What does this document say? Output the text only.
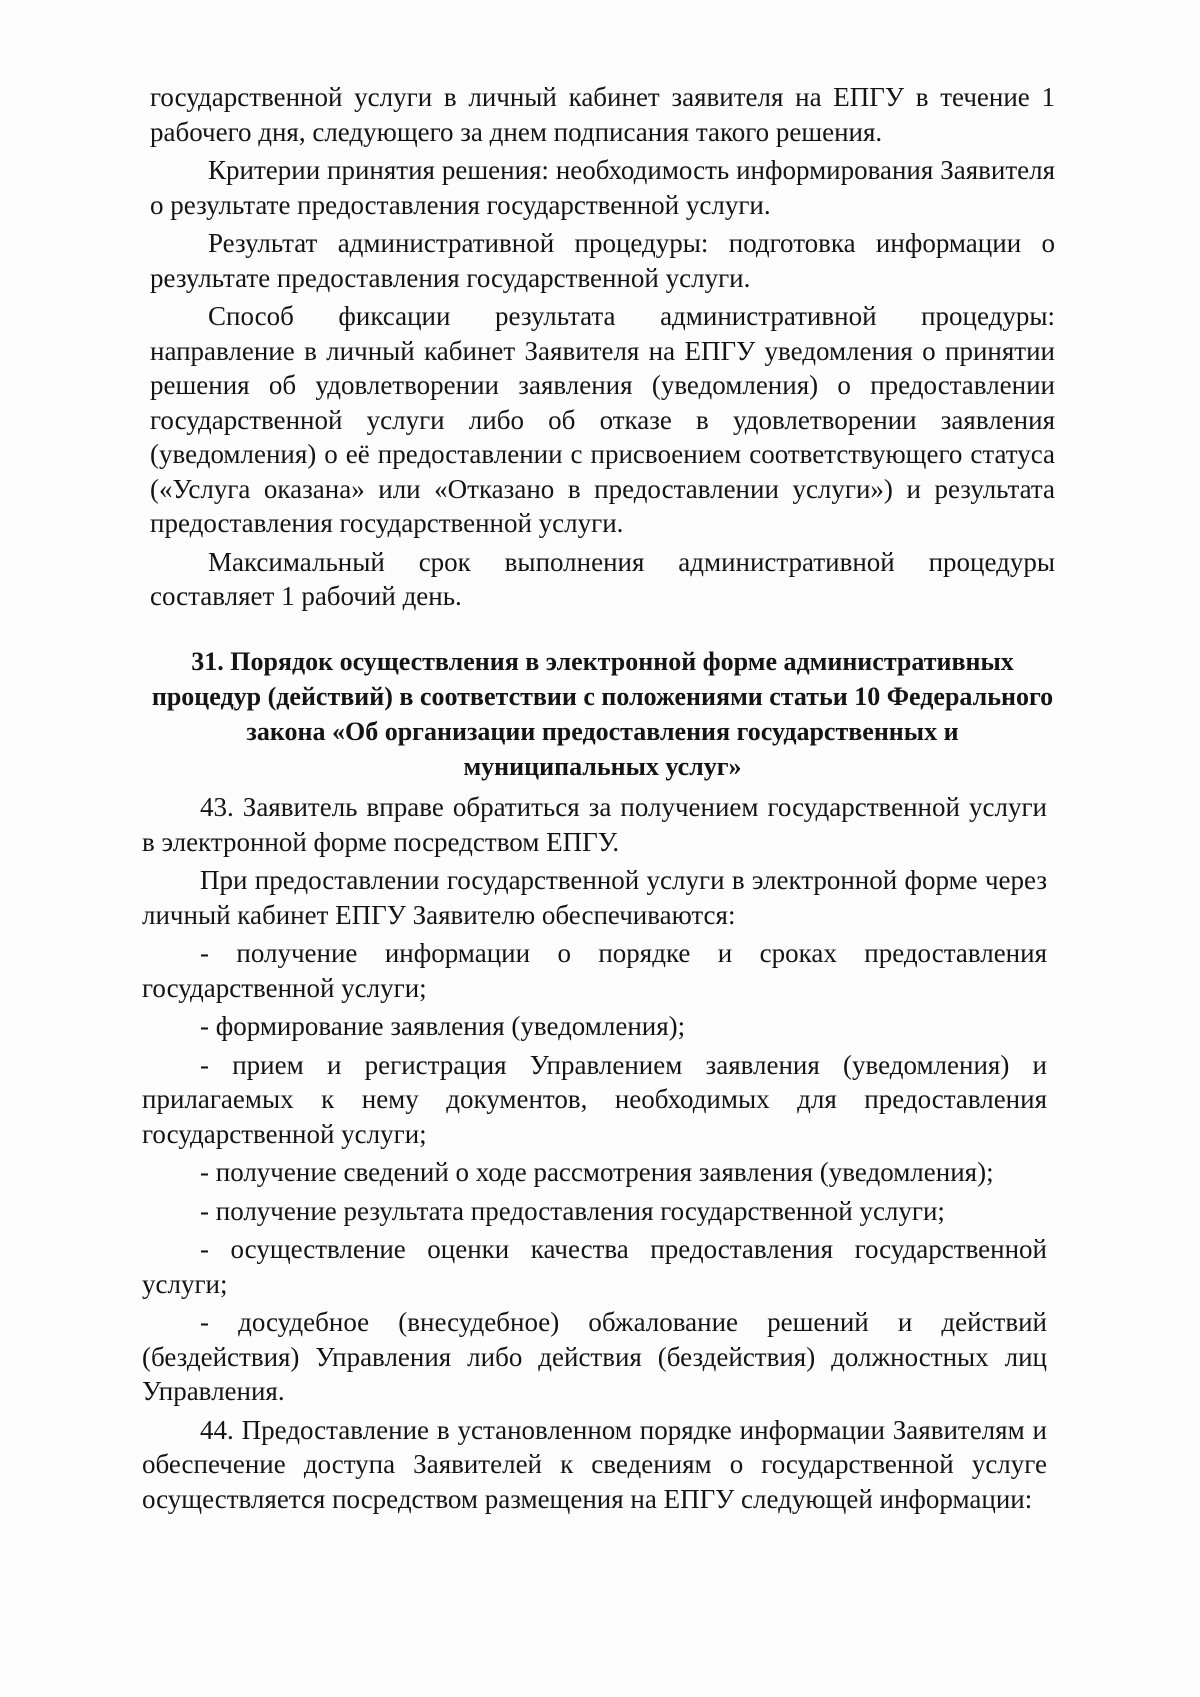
государственной услуги в личный кабинет заявителя на ЕПГУ в течение 1 рабочего дня, следующего за днем подписания такого решения.

Критерии принятия решения: необходимость информирования Заявителя о результате предоставления государственной услуги.

Результат административной процедуры: подготовка информации о результате предоставления государственной услуги.

Способ фиксации результата административной процедуры: направление в личный кабинет Заявителя на ЕПГУ уведомления о принятии решения об удовлетворении заявления (уведомления) о предоставлении государственной услуги либо об отказе в удовлетворении заявления (уведомления) о её предоставлении с присвоением соответствующего статуса («Услуга оказана» или «Отказано в предоставлении услуги») и результата предоставления государственной услуги.

Максимальный срок выполнения административной процедуры составляет 1 рабочий день.

31. Порядок осуществления в электронной форме административных процедур (действий) в соответствии с положениями статьи 10 Федерального закона «Об организации предоставления государственных и муниципальных услуг»

43. Заявитель вправе обратиться за получением государственной услуги в электронной форме посредством ЕПГУ.

При предоставлении государственной услуги в электронной форме через личный кабинет ЕПГУ Заявителю обеспечиваются:

- получение информации о порядке и сроках предоставления государственной услуги;

- формирование заявления (уведомления);

- прием и регистрация Управлением заявления (уведомления) и прилагаемых к нему документов, необходимых для предоставления государственной услуги;

- получение сведений о ходе рассмотрения заявления (уведомления);

- получение результата предоставления государственной услуги;

- осуществление оценки качества предоставления государственной услуги;

- досудебное (внесудебное) обжалование решений и действий (бездействия) Управления либо действия (бездействия) должностных лиц Управления.

44. Предоставление в установленном порядке информации Заявителям и обеспечение доступа Заявителей к сведениям о государственной услуге осуществляется посредством размещения на ЕПГУ следующей информации:
